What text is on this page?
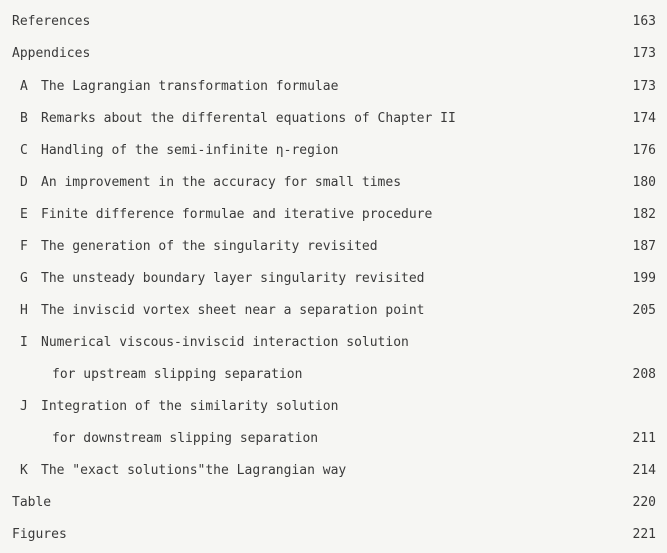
References	163
Appendices	173
A The Lagrangian transformation formulae	173
B Remarks about the differental equations of Chapter II	174
C Handling of the semi-infinite η-region	176
D An improvement in the accuracy for small times	180
E Finite difference formulae and iterative procedure	182
F The generation of the singularity revisited	187
G The unsteady boundary layer singularity revisited	199
H The inviscid vortex sheet near a separation point	205
I Numerical viscous-inviscid interaction solution
for upstream slipping separation	208
J Integration of the similarity solution
for downstream slipping separation	211
K The "exact solutions"the Lagrangian way	214
Table	220
Figures	221
